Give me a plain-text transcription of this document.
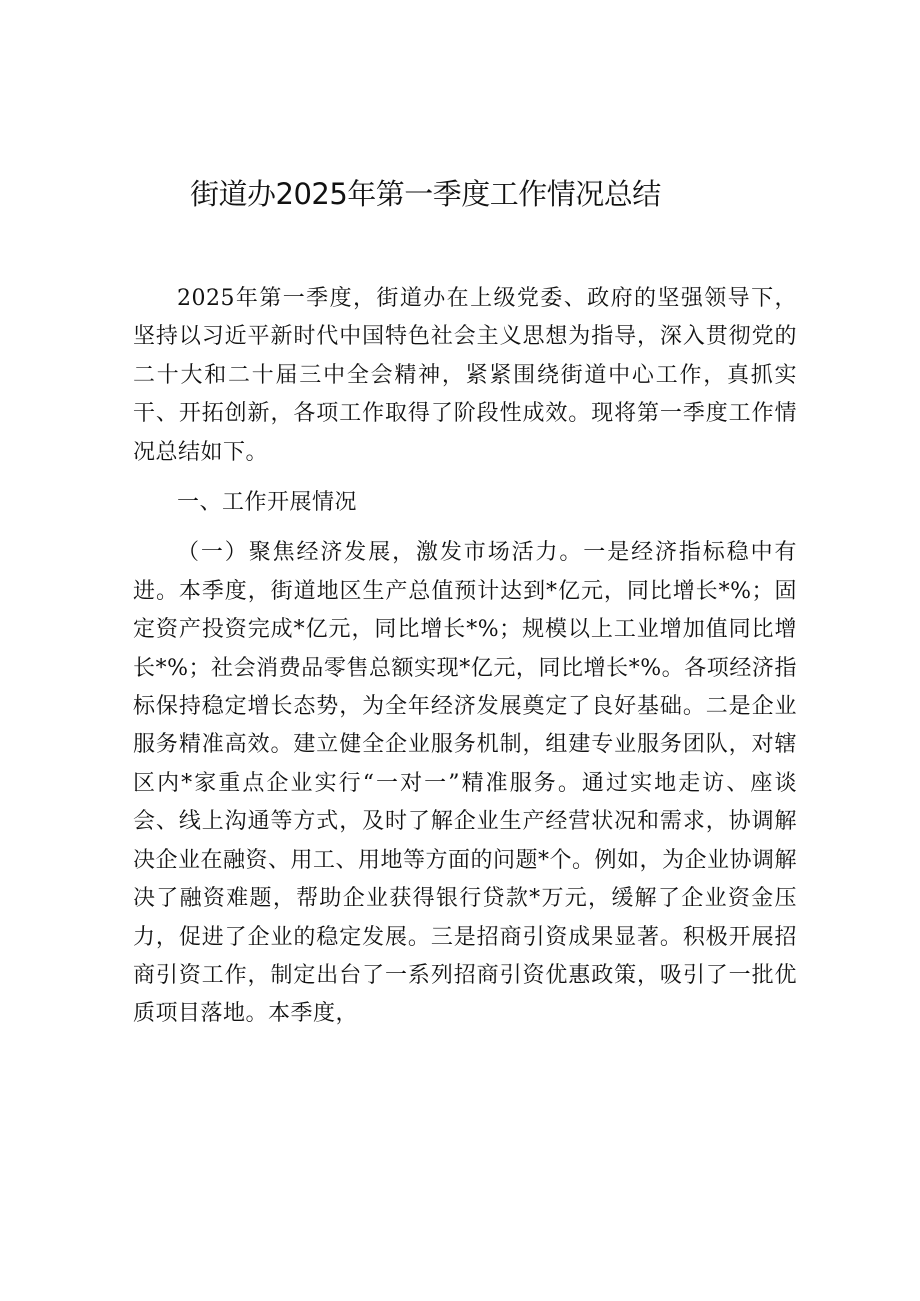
街道办2025年第一季度工作情况总结

2025年第一季度，街道办在上级党委、政府的坚强领导下，坚持以习近平新时代中国特色社会主义思想为指导，深入贯彻党的二十大和二十届三中全会精神，紧紧围绕街道中心工作，真抓实干、开拓创新，各项工作取得了阶段性成效。现将第一季度工作情况总结如下。

一、工作开展情况

（一）聚焦经济发展，激发市场活力。一是经济指标稳中有进。本季度，街道地区生产总值预计达到*亿元，同比增长*%；固定资产投资完成*亿元，同比增长*%；规模以上工业增加值同比增长*%；社会消费品零售总额实现*亿元，同比增长*%。各项经济指标保持稳定增长态势，为全年经济发展奠定了良好基础。二是企业服务精准高效。建立健全企业服务机制，组建专业服务团队，对辖区内*家重点企业实行“一对一”精准服务。通过实地走访、座谈会、线上沟通等方式，及时了解企业生产经营状况和需求，协调解决企业在融资、用工、用地等方面的问题*个。例如，为企业协调解决了融资难题，帮助企业获得银行贷款*万元，缓解了企业资金压力，促进了企业的稳定发展。三是招商引资成果显著。积极开展招商引资工作，制定出台了一系列招商引资优惠政策，吸引了一批优质项目落地。本季度，
